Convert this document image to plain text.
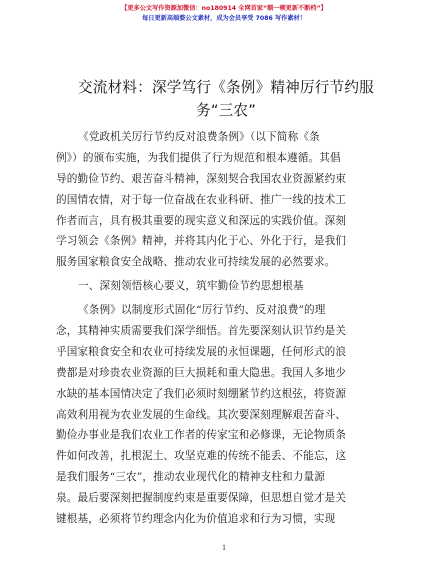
【更多公文写作资源加微信：no180914 全网首家“顺一顿更新不断档”】
每日更新高端婺公文素材，成为会员享受 7086 写作素材！
交流材料：深学笃行《条例》精神厉行节约服
务“三农”
《党政机关厉行节约反对浪费条例》（以下简称《条
例》）的颁布实施，为我们提供了行为规范和根本遵循。其倡
导的勤俭节约、艰苦奋斗精神，深刻契合我国农业资源紧约束
的国情农情，对于每一位奋战在农业科研、推广一线的技术工
作者而言，具有极其重要的现实意义和深远的实践价值。深刻
学习领会《条例》精神，并将其内化于心、外化于行，是我们
服务国家粮食安全战略、推动农业可持续发展的必然要求。
一、深刻领悟核心要义，筑牢勤俭节约思想根基
《条例》以制度形式固化“厉行节约、反对浪费”的理
念，其精神实质需要我们深学细悟。首先要深刻认识节约是关
乎国家粮食安全和农业可持续发展的永恒课题，任何形式的浪
费都是对珍贵农业资源的巨大损耗和重大隐患。我国人多地少
水缺的基本国情决定了我们必须时刻绷紧节约这根弦，将资源
高效利用视为农业发展的生命线。其次要深刻理解艰苦奋斗、
勤俭办事业是我们农业工作者的传家宝和必修课，无论物质条
件如何改善，扎根泥土、攻坚克难的传统不能丢、不能忘，这
是我们服务“三农”，推动农业现代化的精神支柱和力量源
泉。最后要深刻把握制度约束是重要保障，但思想自觉才是关
键根基，必须将节约理念内化为价值追求和行为习惯，实现
1
